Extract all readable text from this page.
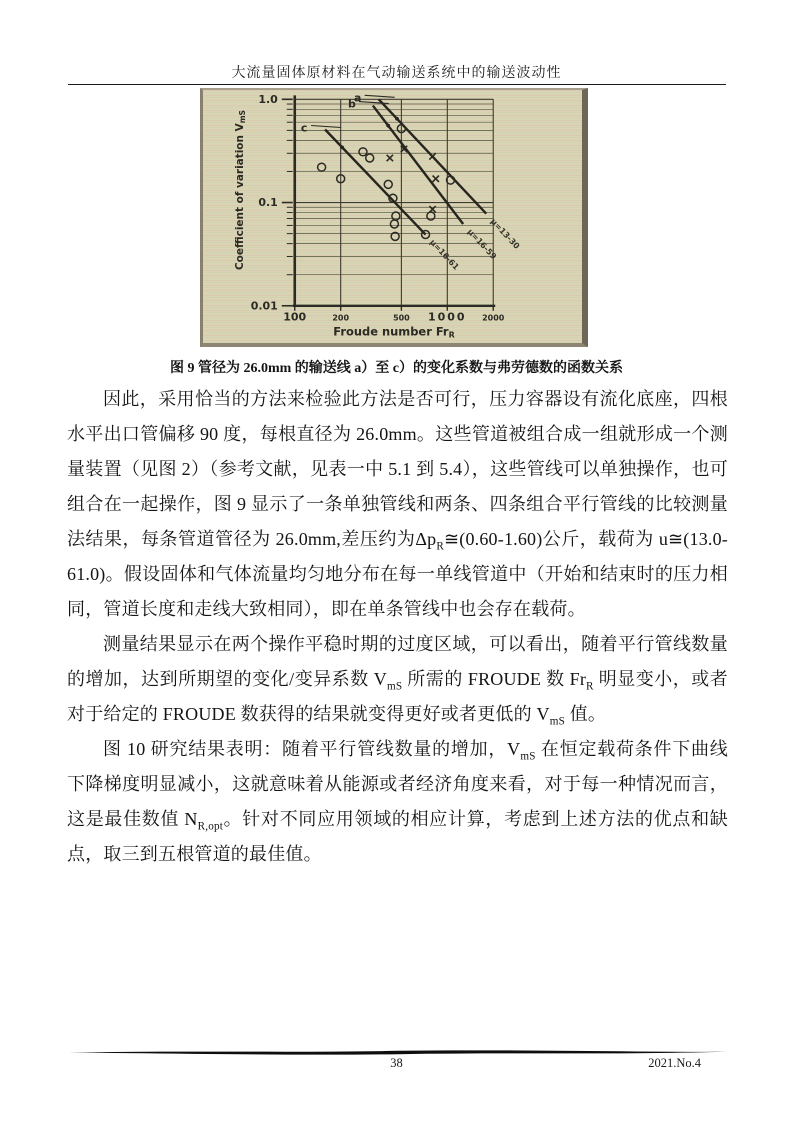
大流量固体原材料在气动输送系统中的输送波动性
100	200	500 1000 2000
1.0
0.1
0.01
Froude number FrR
Coefficient of variation VmS
a
μ=13-30
b
μ=16-59
c
μ=16-61
图 9 管径为 26.0mm 的输送线 a）至 c）的变化系数与弗劳德数的函数关系

因此，采用恰当的方法来检验此方法是否可行，压力容器设有流化底座，四根水平出口管偏移 90 度，每根直径为 26.0mm。这些管道被组合成一组就形成一个测量装置（见图 2）（参考文献，见表一中 5.1 到 5.4），这些管线可以单独操作，也可组合在一起操作，图 9 显示了一条单独管线和两条、四条组合平行管线的比较测量法结果，每条管道管径为 26.0mm,差压约为$\Delta p_R≅(0.60-1.60)$公斤，载荷为 u≅(13.0-61.0)。假设固体和气体流量均匀地分布在每一单线管道中（开始和结束时的压力相同，管道长度和走线大致相同），即在单条管线中也会存在载荷。

测量结果显示在两个操作平稳时期的过度区域，可以看出，随着平行管线数量的增加，达到所期望的变化/变异系数 $V_{mS}$ 所需的 FROUDE 数 $Fr_R$ 明显变小，或者对于给定的 FROUDE 数获得的结果就变得更好或者更低的 $V_{mS}$ 值。

图 10 研究结果表明：随着平行管线数量的增加，$V_{mS}$ 在恒定载荷条件下曲线下降梯度明显减小，这就意味着从能源或者经济角度来看，对于每一种情况而言，这是最佳数值 $N_{R,opt}$。针对不同应用领域的相应计算，考虑到上述方法的优点和缺点，取三到五根管道的最佳值。

38	2021.No.4
